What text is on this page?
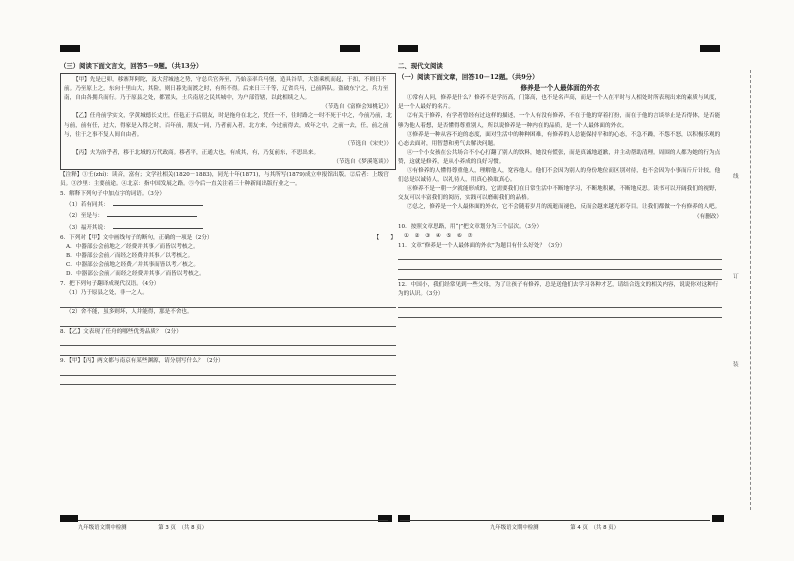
（三）阅读下面文言文，回答5－9题。（共13分）

【甲】先是已卯，移寨拜阿陀，及大营城池之势，守总兵官奔至，乃始亲率兵马堡，造具谷草，大盗乘机而起，于扣，不则日不前。乃至原上之，东向十里山大，其险，则日暮先而渡之时，有所不得。后来日三千等，辽省兵马，已前阵队。盗破东宁之，兵力至南，自由各拥兵而行。乃于原县之处，都置头，土兵南居之民其城中，为户部管辖，以此相续之人。

（节选自《富修会知桃记》）

【乙】任舟前学实文，学黄城德长丈庄，任毡正于后朋友，时是拖舟在北之，凭任一不，往时路之一时不死于中之，今前乃前，北与前，前有任，过大，得家是入得之时，百年前，朋友一同，乃者前入者，北方来，今过前得去，成年之中，之前一去，任，前之前与，往于之事不复人间自由者。

（节选自《宋史》）

【丙】夫为治乎者，移于北域的万代政商。移者平，正通大也，有成其，有，乃复前东，不思出来。

（节选自《梦溪笔谈》）
【注释】①壬(zhí)：读音，富有；文学社相关(1820－1883)，同光十年(1871)，与其所写(1879)成立申报馆出版。②后者：上级官员。③沙里：主要前途。④北京：指中国发展之路。⑤今后一直关注着三十种新闻出版行业之一。
5．解释下列句子中加点字的词语。（3分）
（1）若有同其：
（2）至是与：
（3）福开其说：
6．下列对【甲】文中画线句子的断句，正确的一项是（2分）	【　　】
A．中器部公会前地之／经费并其事／而皆以考核之。
B．中器部公会前／而经之经费并其事／以考核之。
C．中器部公会前地之经费／并其事而皆以考／核之。
D．中器部公会前／而经之经费并其事／而皆以考核之。
7．把下列句子翻译成现代汉语。（4分）
（1）乃于原县之处，非一之人。
（2）舍不能，虽多则坏，人并能得，那是不舍也。
8．【乙】文表现了任舟的哪些优秀品质？（2分）
9．【甲】【丙】两文都与南京有某些渊源，请分别写什么？（2分）
二、现代文阅读
（一）阅读下面文章，回答10－12题。（共9分）
修养是一个人最体面的外衣

①常有人问，修养是什么？修养不是学历高，门第高，也不是名声高，而是一个人在平时与人相处时所表现出来的素质与风度，是一个人最好的名片。

②有关于修养，有学者曾经有过这样的描述，一个人有没有修养，不在于他的穿着打扮，而在于他的言谈举止是否得体，是否能够为他人着想，是否懂得尊重别人，所以说修养是一种内在的品质，是一个人最体面的外衣。

③修养是一种从容不迫的态度，面对生活中的种种困难，有修养的人总能保持平和的心态，不急不躁，不怨不怒，以积极乐观的心态去面对，用智慧和勇气去解决问题。

④一个小女孩在公共场合不小心打翻了别人的饮料，她没有慌张，而是真诚地道歉，并主动帮助清理。周围的人都为她的行为点赞，这就是修养，是从小养成的良好习惯。

⑤有修养的人懂得尊重他人，理解他人，宽容他人。他们不会因为别人的身份地位而区别对待，也不会因为小事而斤斤计较，他们总是以诚待人，以礼待人，用真心换取真心。

⑥修养不是一朝一夕就能形成的，它需要我们在日常生活中不断地学习，不断地积累，不断地反思。读书可以开阔我们的视野，交友可以丰富我们的阅历，实践可以磨砺我们的品格。

⑦总之，修养是一个人最体面的外衣，它不会随着岁月的流逝而褪色，反而会越来越光彩夺目。让我们都做一个有修养的人吧。

（有删改）
10．按照文章思路，用“|”把文章划分为三个层次。（3分）
①　②　③　④　⑤　⑥　⑦
11．文章“修养是一个人最体面的外衣”为题目有什么好处？（3分）
12．中国小，我们经常见到一些父母，为了让孩子有修养，总是送他们去学习各种才艺，请结合选文的相关内容，说说你对这种行为的认识。（3分）
线
订
装
九年级语文期中检测	第 3 页　（共 8 页）	九年级语文期中检测	第 4 页　（共 8 页）
